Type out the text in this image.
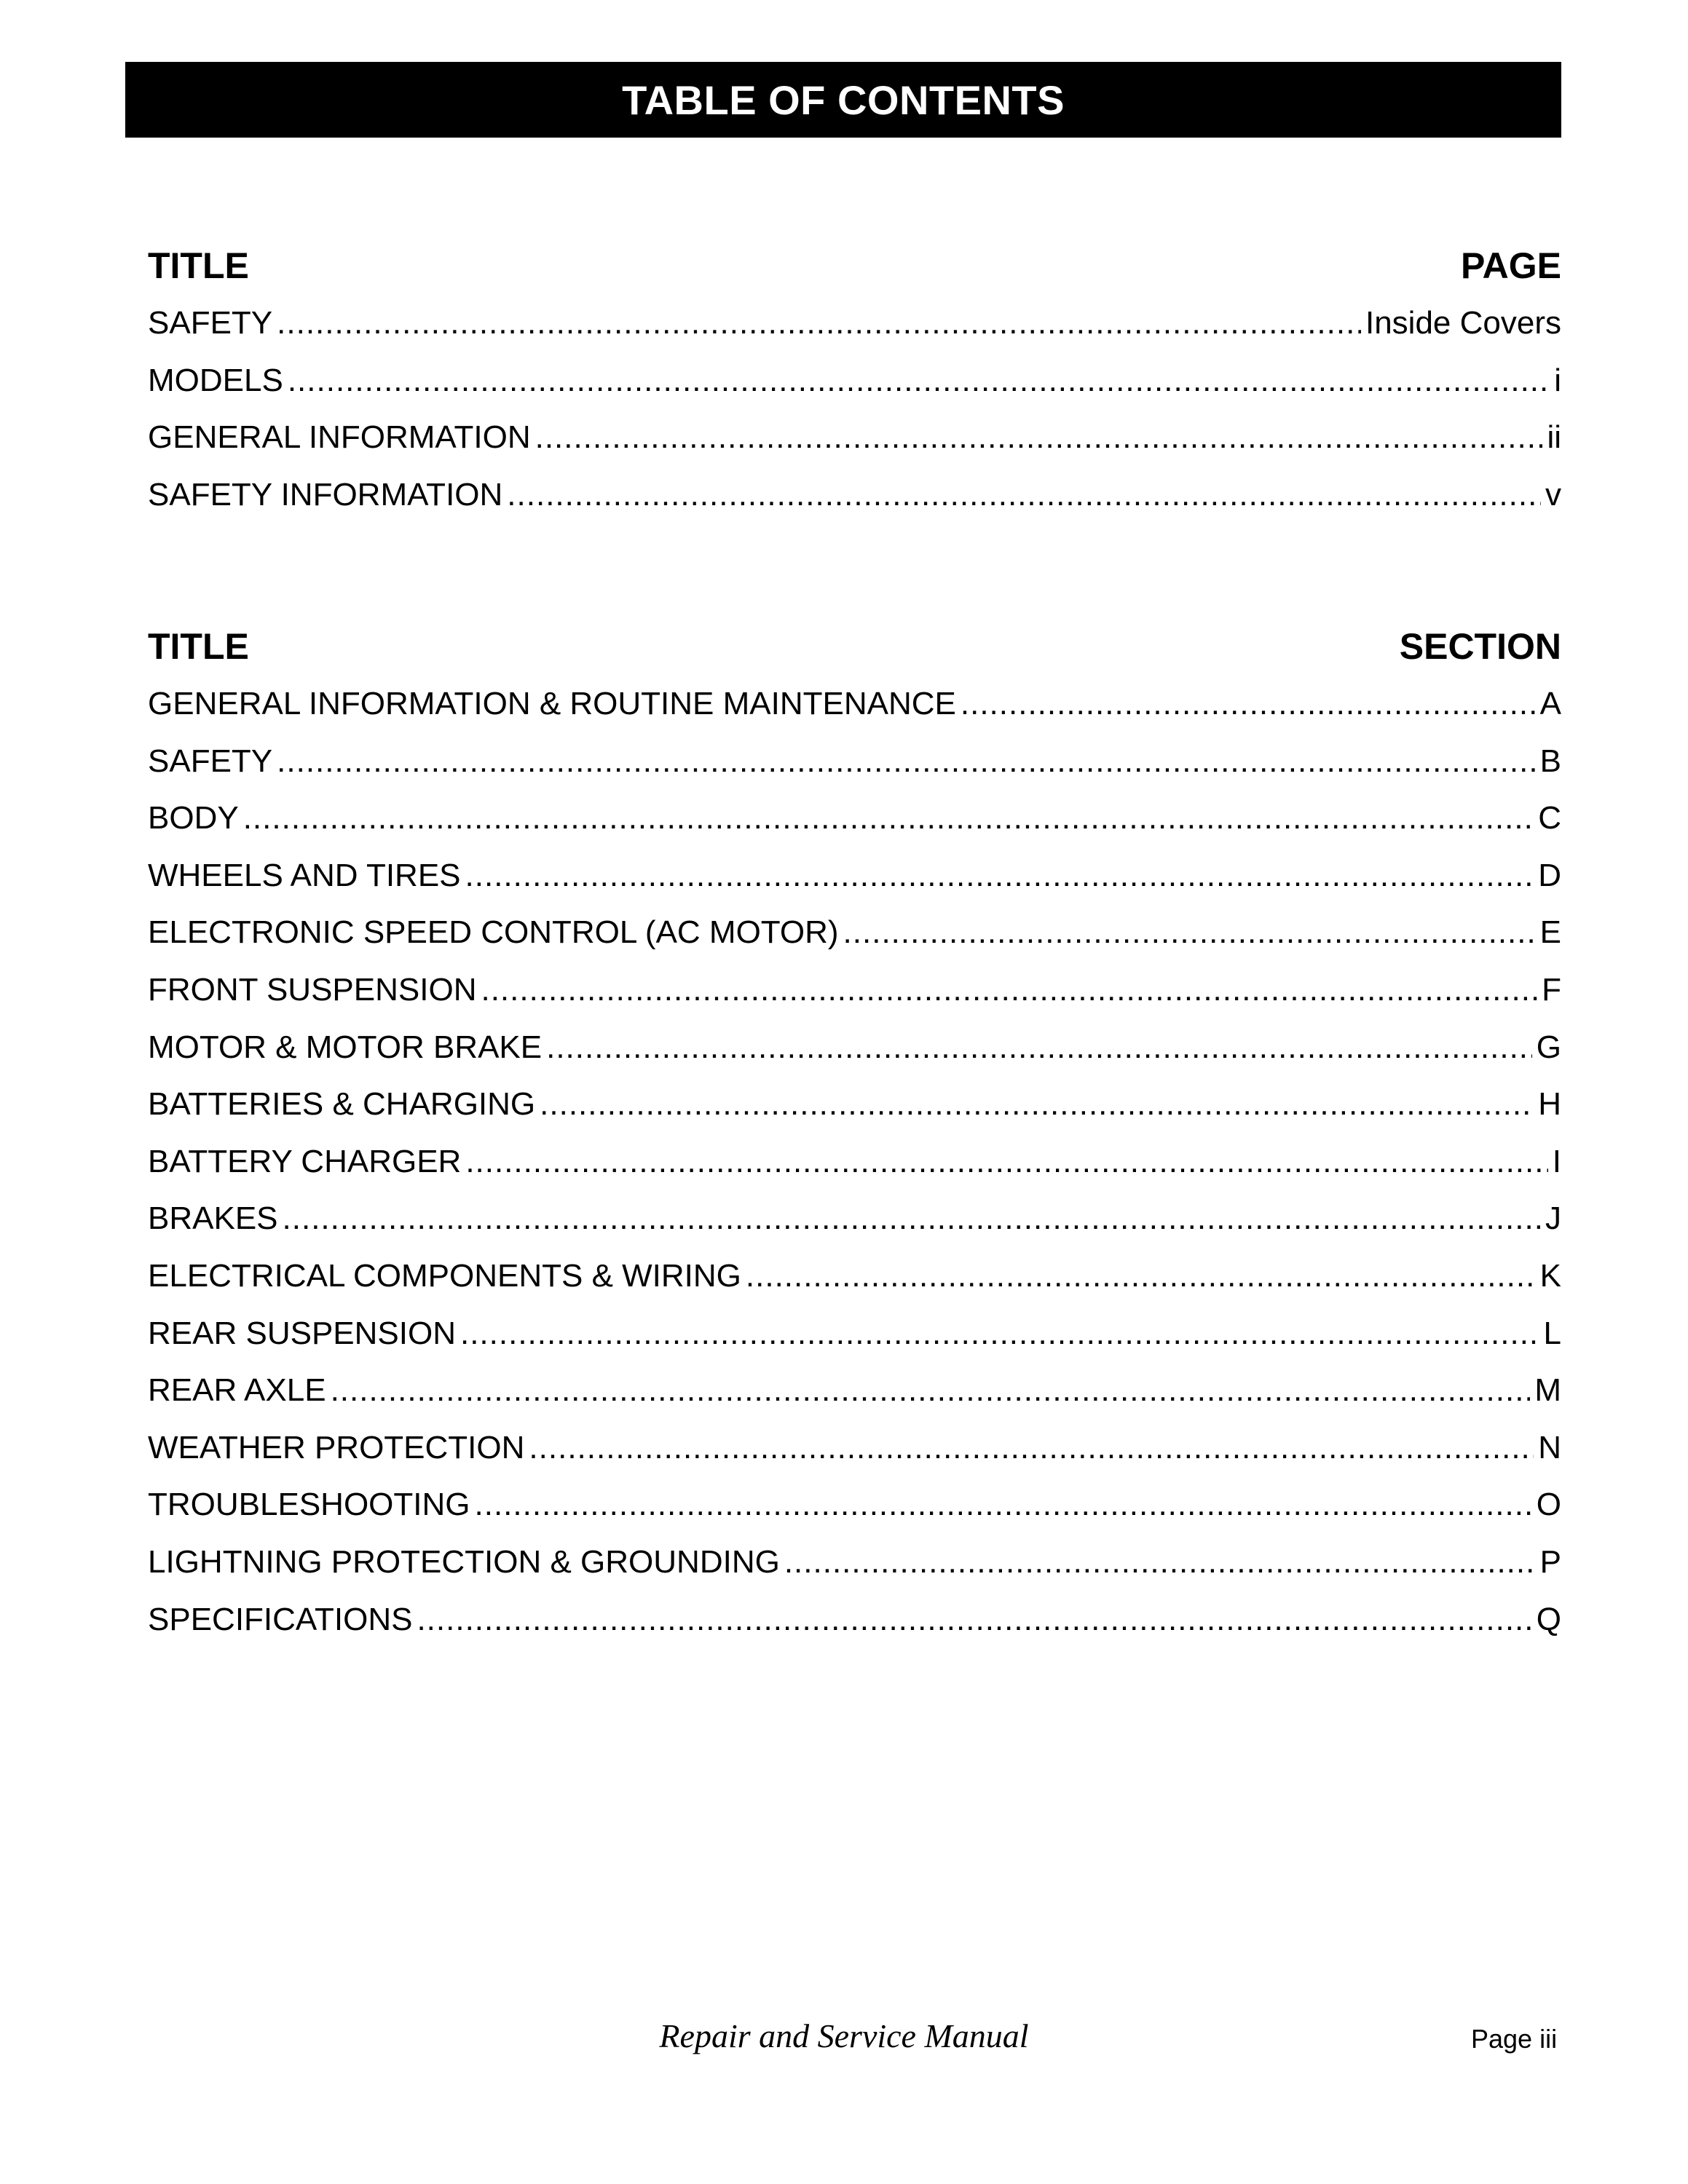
TABLE OF CONTENTS
TITLE	PAGE
SAFETY .....	Inside Covers
MODELS .....	i
GENERAL INFORMATION .....	ii
SAFETY INFORMATION .....	v
TITLE	SECTION
GENERAL INFORMATION & ROUTINE MAINTENANCE .....	A
SAFETY .....	B
BODY .....	C
WHEELS AND TIRES .....	D
ELECTRONIC SPEED CONTROL (AC MOTOR) .....	E
FRONT SUSPENSION .....	F
MOTOR & MOTOR BRAKE .....	G
BATTERIES & CHARGING .....	H
BATTERY CHARGER .....	I
BRAKES .....	J
ELECTRICAL COMPONENTS & WIRING .....	K
REAR SUSPENSION .....	L
REAR AXLE .....	M
WEATHER PROTECTION .....	N
TROUBLESHOOTING .....	O
LIGHTNING PROTECTION & GROUNDING .....	P
SPECIFICATIONS .....	Q
Repair and Service Manual	Page iii
